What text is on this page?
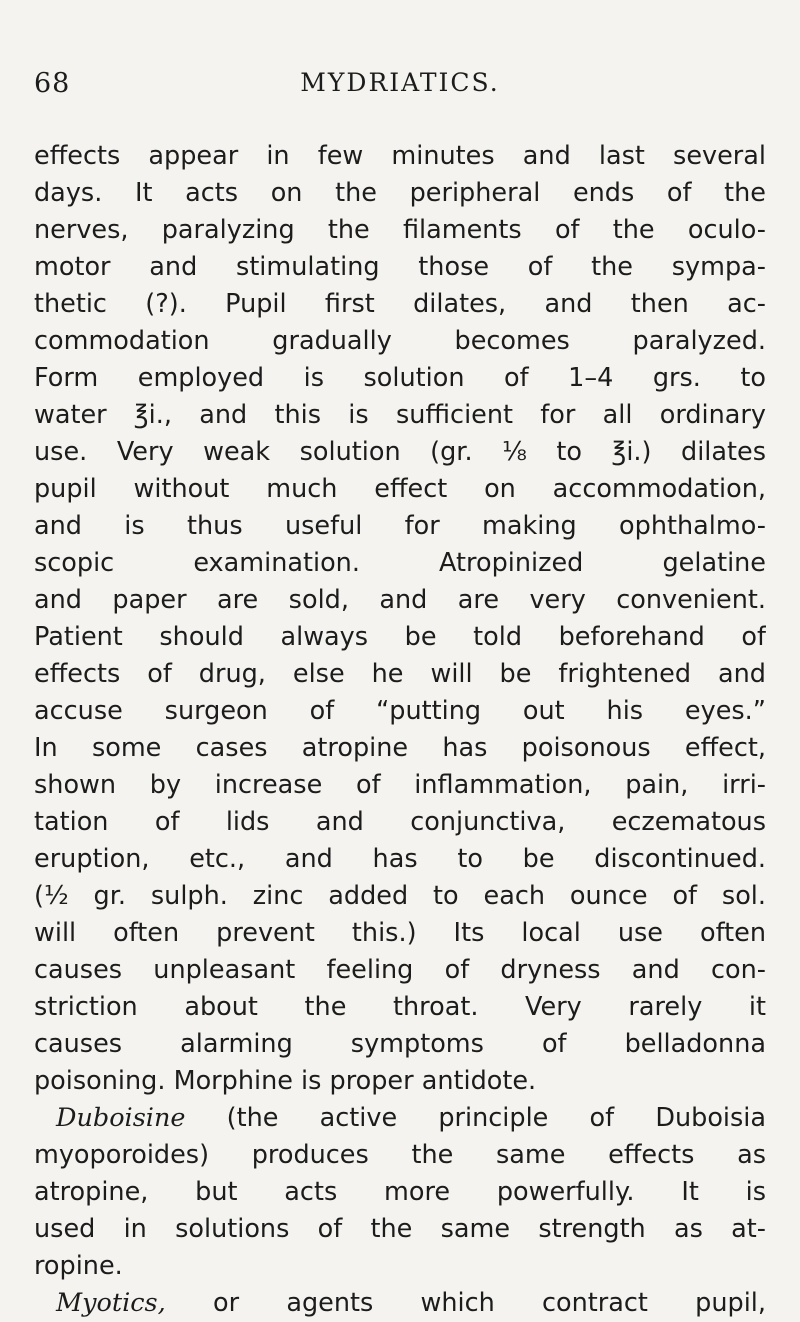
68	MYDRIATICS.
effects appear in few minutes and last several
days. It acts on the peripheral ends of the
nerves, paralyzing the filaments of the oculo-
motor and stimulating those of the sympa-
thetic (?). Pupil first dilates, and then ac-
commodation gradually becomes paralyzed.
Form employed is solution of 1–4 grs. to
water ℥i., and this is sufficient for all ordinary
use. Very weak solution (gr. ⅛ to ℥i.) dilates
pupil without much effect on accommodation,
and is thus useful for making ophthalmo-
scopic examination. Atropinized gelatine
and paper are sold, and are very convenient.
Patient should always be told beforehand of
effects of drug, else he will be frightened and
accuse surgeon of “putting out his eyes.”
In some cases atropine has poisonous effect,
shown by increase of inflammation, pain, irri-
tation of lids and conjunctiva, eczematous
eruption, etc., and has to be discontinued.
(½ gr. sulph. zinc added to each ounce of sol.
will often prevent this.) Its local use often
causes unpleasant feeling of dryness and con-
striction about the throat. Very rarely it
causes alarming symptoms of belladonna
poisoning. Morphine is proper antidote.
Duboisine (the active principle of Duboisia
myoporoides) produces the same effects as
atropine, but acts more powerfully. It is
used in solutions of the same strength as at-
ropine.
Myotics, or agents which contract pupil,
